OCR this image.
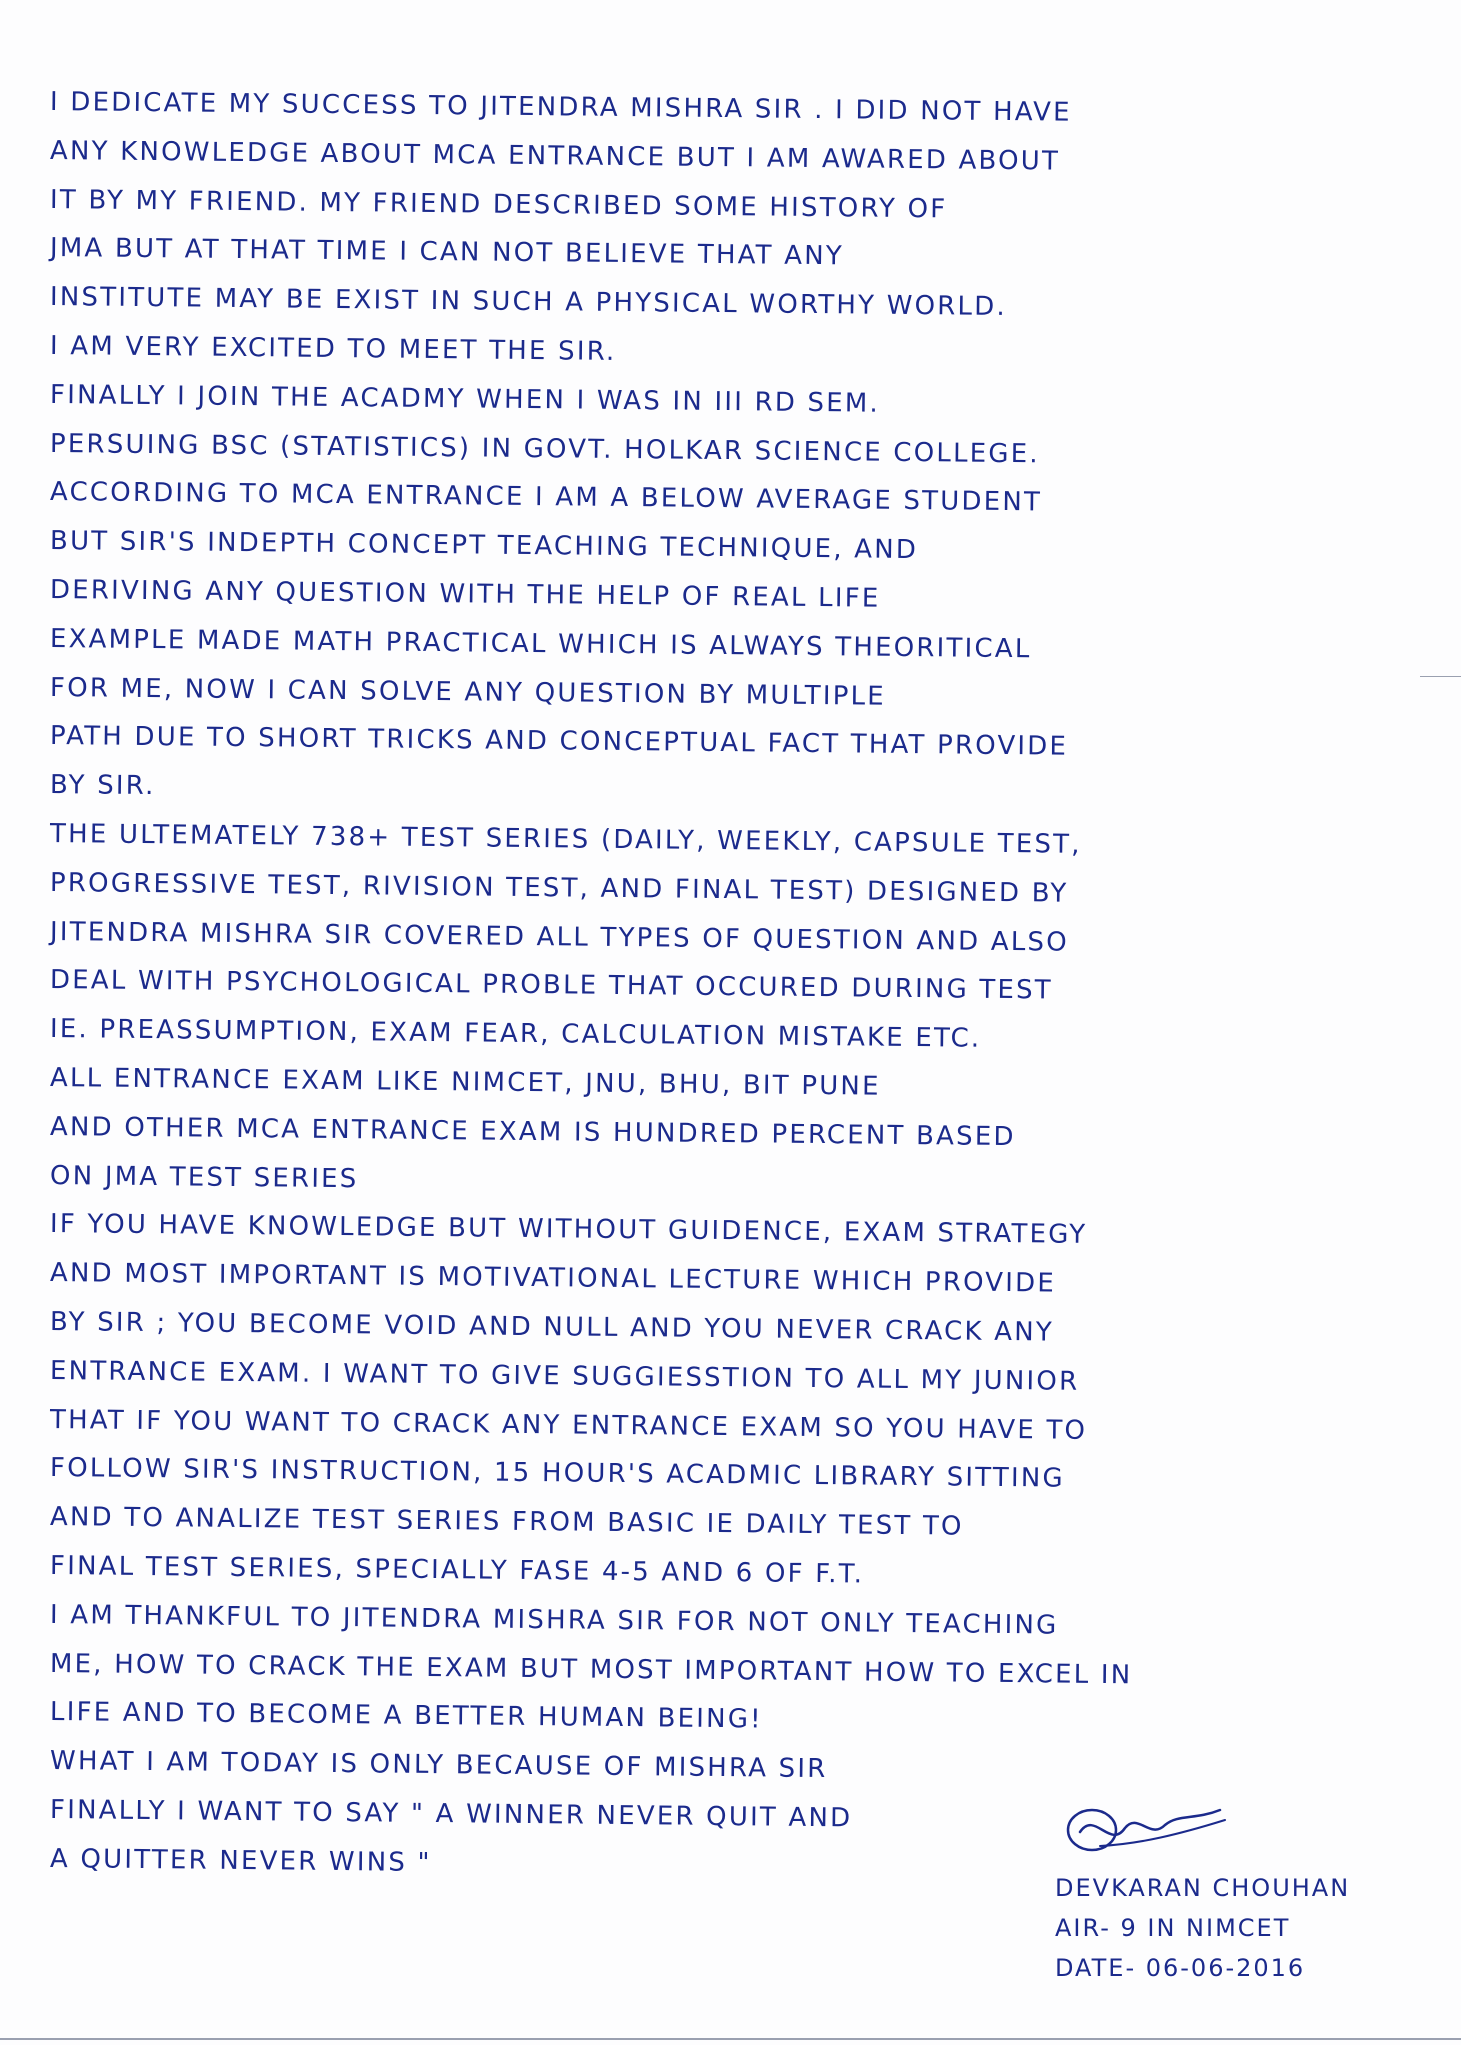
I DEDICATE MY SUCCESS TO JITENDRA MISHRA SIR . I DID NOT HAVE
ANY KNOWLEDGE ABOUT MCA ENTRANCE BUT I AM AWARED ABOUT
IT BY MY FRIEND. MY FRIEND DESCRIBED SOME HISTORY OF
JMA BUT AT THAT TIME I CAN NOT BELIEVE THAT ANY
INSTITUTE MAY BE EXIST IN SUCH A PHYSICAL WORTHY WORLD.
I AM VERY EXCITED TO MEET THE SIR.
FINALLY I JOIN THE ACADMY WHEN I WAS IN III RD SEM.
PERSUING BSC (STATISTICS) IN GOVT. HOLKAR SCIENCE COLLEGE.
ACCORDING TO MCA ENTRANCE I AM A BELOW AVERAGE STUDENT
BUT SIR'S INDEPTH CONCEPT TEACHING TECHNIQUE, AND
DERIVING ANY QUESTION WITH THE HELP OF REAL LIFE
EXAMPLE MADE MATH PRACTICAL WHICH IS ALWAYS THEORITICAL
FOR ME, NOW I CAN SOLVE ANY QUESTION BY MULTIPLE
PATH DUE TO SHORT TRICKS AND CONCEPTUAL FACT THAT PROVIDE
BY SIR.
THE ULTEMATELY 738+ TEST SERIES (DAILY, WEEKLY, CAPSULE TEST,
PROGRESSIVE TEST, RIVISION TEST, AND FINAL TEST) DESIGNED BY
JITENDRA MISHRA SIR COVERED ALL TYPES OF QUESTION AND ALSO
DEAL WITH PSYCHOLOGICAL PROBLE THAT OCCURED DURING TEST
IE. PREASSUMPTION, EXAM FEAR, CALCULATION MISTAKE ETC.
ALL ENTRANCE EXAM LIKE NIMCET, JNU, BHU, BIT PUNE
AND OTHER MCA ENTRANCE EXAM IS HUNDRED PERCENT BASED
ON JMA TEST SERIES
IF YOU HAVE KNOWLEDGE BUT WITHOUT GUIDENCE, EXAM STRATEGY
AND MOST IMPORTANT IS MOTIVATIONAL LECTURE WHICH PROVIDE
BY SIR ; YOU BECOME VOID AND NULL AND YOU NEVER CRACK ANY
ENTRANCE EXAM. I WANT TO GIVE SUGGIESSTION TO ALL MY JUNIOR
THAT IF YOU WANT TO CRACK ANY ENTRANCE EXAM SO YOU HAVE TO
FOLLOW SIR'S INSTRUCTION, 15 HOUR'S ACADMIC LIBRARY SITTING
AND TO ANALIZE TEST SERIES FROM BASIC IE DAILY TEST TO
FINAL TEST SERIES, SPECIALLY FASE 4-5 AND 6 OF F.T.
I AM THANKFUL TO JITENDRA MISHRA SIR FOR NOT ONLY TEACHING
ME, HOW TO CRACK THE EXAM BUT MOST IMPORTANT HOW TO EXCEL IN
LIFE AND TO BECOME A BETTER HUMAN BEING!
WHAT I AM TODAY IS ONLY BECAUSE OF MISHRA SIR
FINALLY I WANT TO SAY " A WINNER NEVER QUIT AND
A QUITTER NEVER WINS "
DEVKARAN CHOUHAN
AIR- 9 IN NIMCET
DATE- 06-06-2016
